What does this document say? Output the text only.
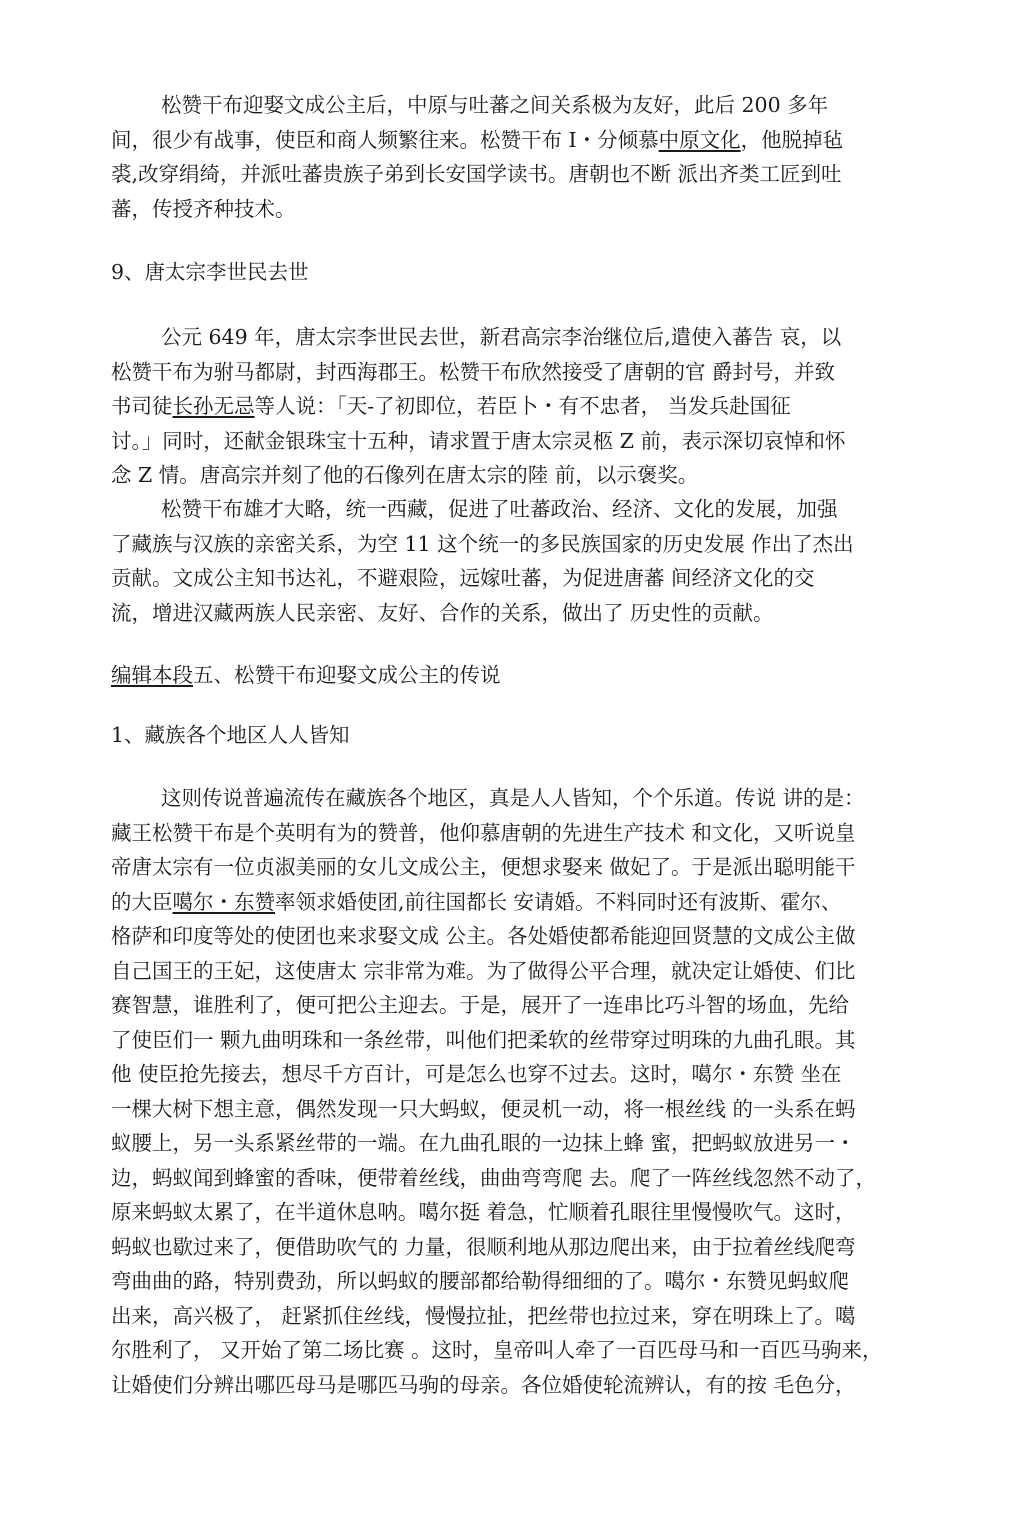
松赞干布迎娶文成公主后，中原与吐蕃之间关系极为友好，此后 200 多年
间，很少有战事，使臣和商人频繁往来。松赞干布 I・分倾慕中原文化，他脱掉毡
裘,改穿绢绮，并派吐蕃贵族子弟到长安国学读书。唐朝也不断 派出齐类工匠到吐
蕃，传授齐种技术。
9、唐太宗李世民去世
公元 649 年，唐太宗李世民去世，新君高宗李治继位后,遣使入蕃告 哀，以
松赞干布为驸马都尉，封西海郡王。松赞干布欣然接受了唐朝的官 爵封号，并致
书司徒长孙无忌等人说：「天-了初即位，若臣卜・有不忠者， 当发兵赴国征
讨。」同时，还献金银珠宝十五种，请求置于唐太宗灵柩 Z 前，表示深切哀悼和怀
念 Z 情。唐高宗并刻了他的石像列在唐太宗的陸 前，以示褒奖。
松赞干布雄才大略，统一西藏，促进了吐蕃政治、经济、文化的发展，加强
了藏族与汉族的亲密关系，为空 11 这个统一的多民族国家的历史发展 作出了杰出
贡献。文成公主知书达礼，不避艰险，远嫁吐蕃，为促进唐蕃 间经济文化的交
流，增进汉藏两族人民亲密、友好、合作的关系，做出了 历史性的贡献。
编辑本段五、松赞干布迎娶文成公主的传说
1、藏族各个地区人人皆知
这则传说普遍流传在藏族各个地区，真是人人皆知，个个乐道。传说 讲的是：
藏王松赞干布是个英明有为的赞普，他仰慕唐朝的先进生产技术 和文化，又听说皇
帝唐太宗有一位贞淑美丽的女儿文成公主，便想求娶来 做妃了。于是派出聪明能干
的大臣噶尔・东赞率领求婚使团,前往国都长 安请婚。不料同时还有波斯、霍尔、
格萨和印度等处的使团也来求娶文成 公主。各处婚使都希能迎回贤慧的文成公主做
自己国王的王妃，这使唐太 宗非常为难。为了做得公平合理，就决定让婚使、们比
赛智慧，谁胜利了，便可把公主迎去。于是，展开了一连串比巧斗智的场血，先给
了使臣们一 颗九曲明珠和一条丝带，叫他们把柔软的丝带穿过明珠的九曲孔眼。其
他 使臣抢先接去，想尽千方百计，可是怎么也穿不过去。这时，噶尔・东赞 坐在
一棵大树下想主意，偶然发现一只大蚂蚁，便灵机一动，将一根丝线 的一头系在蚂
蚁腰上，另一头系紧丝带的一端。在九曲孔眼的一边抹上蜂 蜜，把蚂蚁放进另一・
边，蚂蚁闻到蜂蜜的香味，便带着丝线，曲曲弯弯爬 去。爬了一阵丝线忽然不动了，
原来蚂蚁太累了，在半道休息呐。噶尔挺 着急，忙顺着孔眼往里慢慢吹气。这时，
蚂蚁也歇过来了，便借助吹气的 力量，很顺利地从那边爬出来，由于拉着丝线爬弯
弯曲曲的路，特别费劲，所以蚂蚁的腰部都给勒得细细的了。噶尔・东赞见蚂蚁爬
出来，高兴极了， 赶紧抓住丝线，慢慢拉扯，把丝带也拉过来，穿在明珠上了。噶
尔胜利了， 又开始了第二场比赛 。这时，皇帝叫人牵了一百匹母马和一百匹马驹来，
让婚使们分辨出哪匹母马是哪匹马驹的母亲。各位婚使轮流辨认，有的按 毛色分，
